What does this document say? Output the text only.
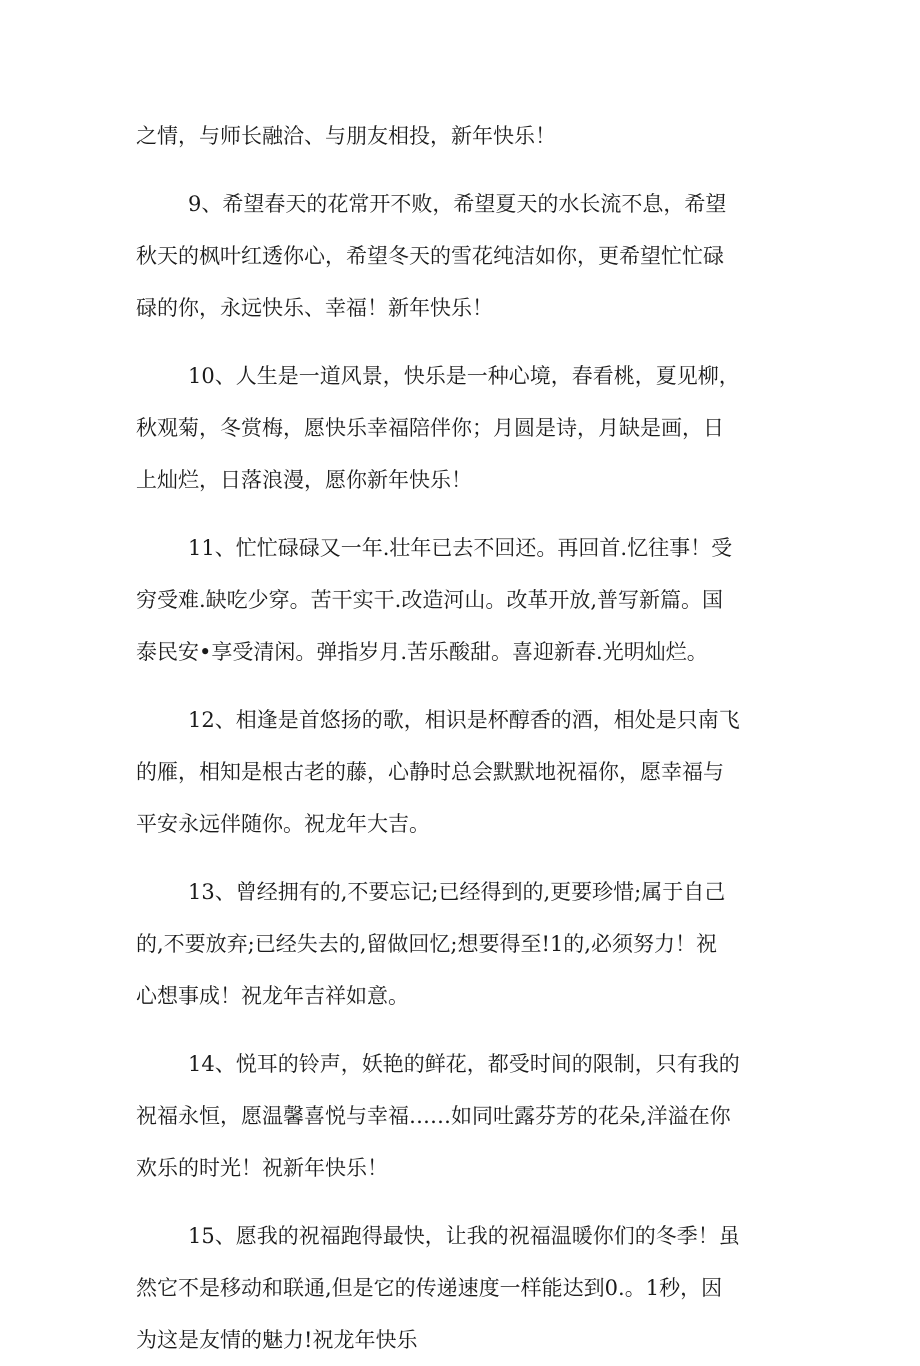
之情，与师长融洽、与朋友相投，新年快乐！
9、希望春天的花常开不败，希望夏天的水长流不息，希望
秋天的枫叶红透你心，希望冬天的雪花纯洁如你，更希望忙忙碌
碌的你，永远快乐、幸福！新年快乐！
10、人生是一道风景，快乐是一种心境，春看桃，夏见柳，
秋观菊，冬赏梅，愿快乐幸福陪伴你；月圆是诗，月缺是画，日
上灿烂，日落浪漫，愿你新年快乐！
11、忙忙碌碌又一年.壮年已去不回还。再回首.忆往事！受
穷受难.缺吃少穿。苦干实干.改造河山。改革开放,普写新篇。国
泰民安•享受清闲。弹指岁月.苦乐酸甜。喜迎新春.光明灿烂。
12、相逢是首悠扬的歌，相识是杯醇香的酒，相处是只南飞
的雁，相知是根古老的藤，心静时总会默默地祝福你，愿幸福与
平安永远伴随你。祝龙年大吉。
13、曾经拥有的,不要忘记;已经得到的,更要珍惜;属于自己
的,不要放弃;已经失去的,留做回忆;想要得至!1的,必须努力！祝
心想事成！祝龙年吉祥如意。
14、悦耳的铃声，妖艳的鲜花，都受时间的限制，只有我的
祝福永恒，愿温馨喜悦与幸福……如同吐露芬芳的花朵,洋溢在你
欢乐的时光！祝新年快乐！
15、愿我的祝福跑得最快，让我的祝福温暖你们的冬季！虽
然它不是移动和联通,但是它的传递速度一样能达到0.。1秒，因
为这是友情的魅力!祝龙年快乐
